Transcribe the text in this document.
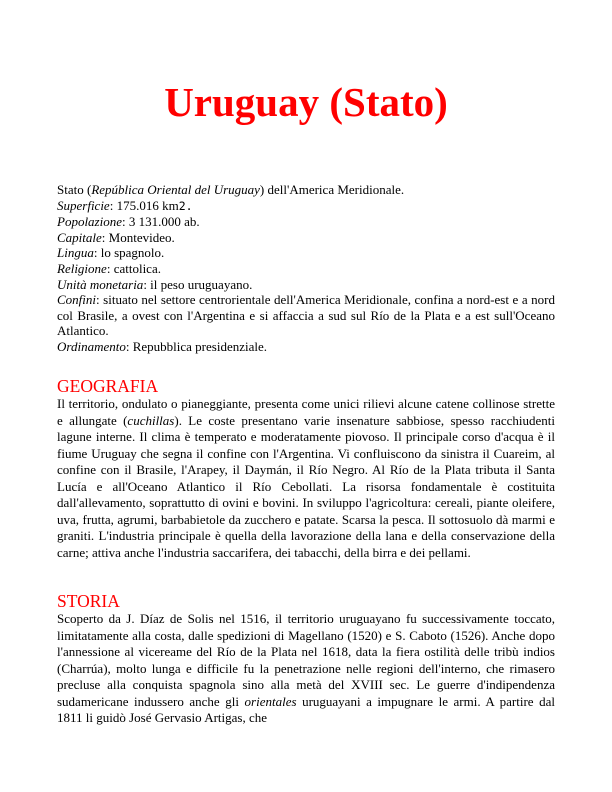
Uruguay (Stato)

Stato (República Oriental del Uruguay) dell'America Meridionale.

Superficie: 175.016 km2.

Popolazione: 3 131.000 ab.

Capitale: Montevideo.

Lingua: lo spagnolo.

Religione: cattolica.

Unità monetaria: il peso uruguayano.

Confini: situato nel settore centrorientale dell'America Meridionale, confina a nord-est e a nord col Brasile, a ovest con l'Argentina e si affaccia a sud sul Río de la Plata e a est sull'Oceano Atlantico.

Ordinamento: Repubblica presidenziale.

GEOGRAFIA

Il territorio, ondulato o pianeggiante, presenta come unici rilievi alcune catene collinose strette e allungate (cuchillas). Le coste presentano varie insenature sabbiose, spesso racchiudenti lagune interne. Il clima è temperato e moderatamente piovoso. Il principale corso d'acqua è il fiume Uruguay che segna il confine con l'Argentina. Vi confluiscono da sinistra il Cuareim, al confine con il Brasile, l'Arapey, il Daymán, il Río Negro. Al Río de la Plata tributa il Santa Lucía e all'Oceano Atlantico il Río Cebollati. La risorsa fondamentale è costituita dall'allevamento, soprattutto di ovini e bovini. In sviluppo l'agricoltura: cereali, piante oleifere, uva, frutta, agrumi, barbabietole da zucchero e patate. Scarsa la pesca. Il sottosuolo dà marmi e graniti. L'industria principale è quella della lavorazione della lana e della conservazione della carne; attiva anche l'industria saccarifera, dei tabacchi, della birra e dei pellami.

STORIA

Scoperto da J. Díaz de Solis nel 1516, il territorio uruguayano fu successivamente toccato, limitatamente alla costa, dalle spedizioni di Magellano (1520) e S. Caboto (1526). Anche dopo l'annessione al vicereame del Río de la Plata nel 1618, data la fiera ostilità delle tribù indios (Charrúa), molto lunga e difficile fu la penetrazione nelle regioni dell'interno, che rimasero precluse alla conquista spagnola sino alla metà del XVIII sec. Le guerre d'indipendenza sudamericane indussero anche gli orientales uruguayani a impugnare le armi. A partire dal 1811 li guidò José Gervasio Artigas, che
